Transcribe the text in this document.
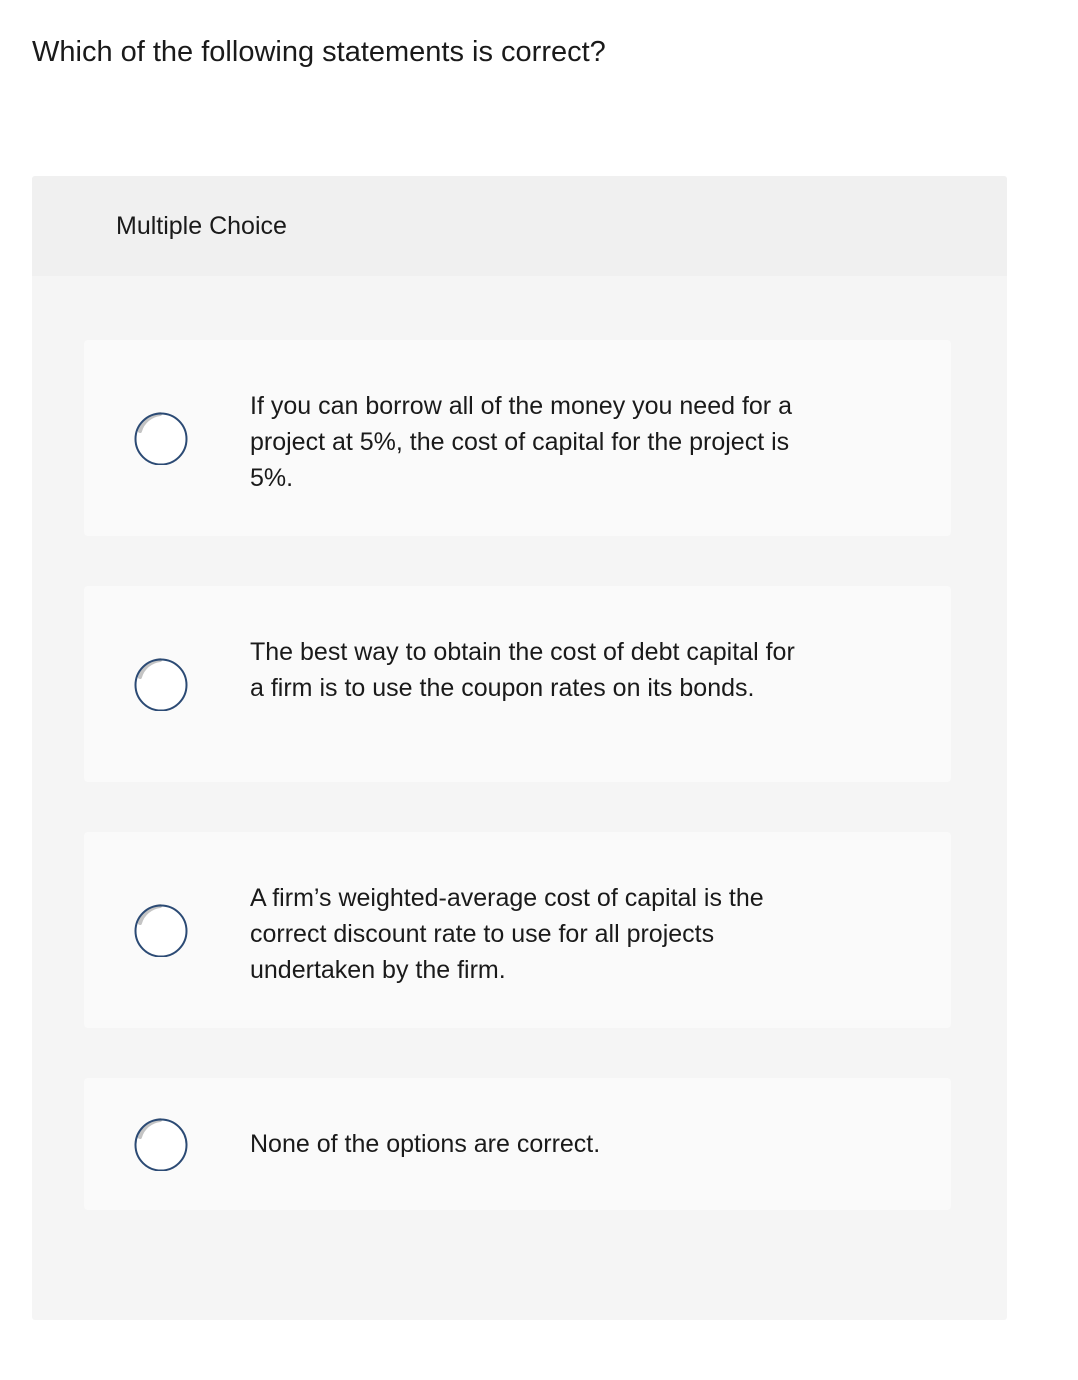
Which of the following statements is correct?
Multiple Choice
If you can borrow all of the money you need for a project at 5%, the cost of capital for the project is 5%.
The best way to obtain the cost of debt capital for a firm is to use the coupon rates on its bonds.
A firm’s weighted-average cost of capital is the correct discount rate to use for all projects undertaken by the firm.
None of the options are correct.
